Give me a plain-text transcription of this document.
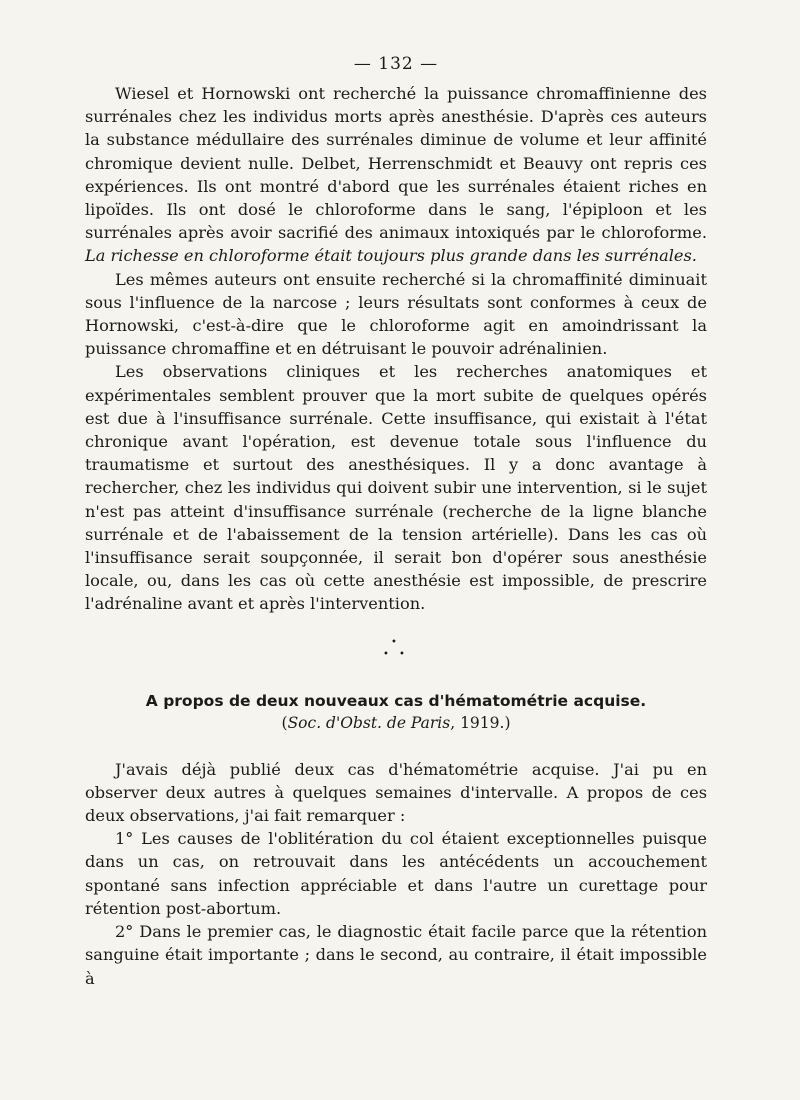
— 132 —

Wiesel et Hornowski ont recherché la puissance chromaffinienne des surrénales chez les individus morts après anesthésie. D'après ces auteurs la substance médullaire des surrénales diminue de volume et leur affinité chromique devient nulle. Delbet, Herrenschmidt et Beauvy ont repris ces expériences. Ils ont montré d'abord que les surrénales étaient riches en lipoïdes. Ils ont dosé le chloroforme dans le sang, l'épiploon et les surrénales après avoir sacrifié des animaux intoxiqués par le chloroforme. La richesse en chloroforme était toujours plus grande dans les surrénales.

Les mêmes auteurs ont ensuite recherché si la chromaffinité diminuait sous l'influence de la narcose ; leurs résultats sont conformes à ceux de Hornowski, c'est-à-dire que le chloroforme agit en amoindrissant la puissance chromaffine et en détruisant le pouvoir adrénalinien.

Les observations cliniques et les recherches anatomiques et expérimentales semblent prouver que la mort subite de quelques opérés est due à l'insuffisance surrénale. Cette insuffisance, qui existait à l'état chronique avant l'opération, est devenue totale sous l'influence du traumatisme et surtout des anesthésiques. Il y a donc avantage à rechercher, chez les individus qui doivent subir une intervention, si le sujet n'est pas atteint d'insuffisance surrénale (recherche de la ligne blanche surrénale et de l'abaissement de la tension artérielle). Dans les cas où l'insuffisance serait soupçonnée, il serait bon d'opérer sous anesthésie locale, ou, dans les cas où cette anesthésie est impossible, de prescrire l'adrénaline avant et après l'intervention.

•
• •
A propos de deux nouveaux cas d'hématométrie acquise.
(Soc. d'Obst. de Paris, 1919.)

J'avais déjà publié deux cas d'hématométrie acquise. J'ai pu en observer deux autres à quelques semaines d'intervalle. A propos de ces deux observations, j'ai fait remarquer :

1° Les causes de l'oblitération du col étaient exceptionnelles puisque dans un cas, on retrouvait dans les antécédents un accouchement spontané sans infection appréciable et dans l'autre un curettage pour rétention post-abortum.

2° Dans le premier cas, le diagnostic était facile parce que la rétention sanguine était importante ; dans le second, au contraire, il était impossible à
